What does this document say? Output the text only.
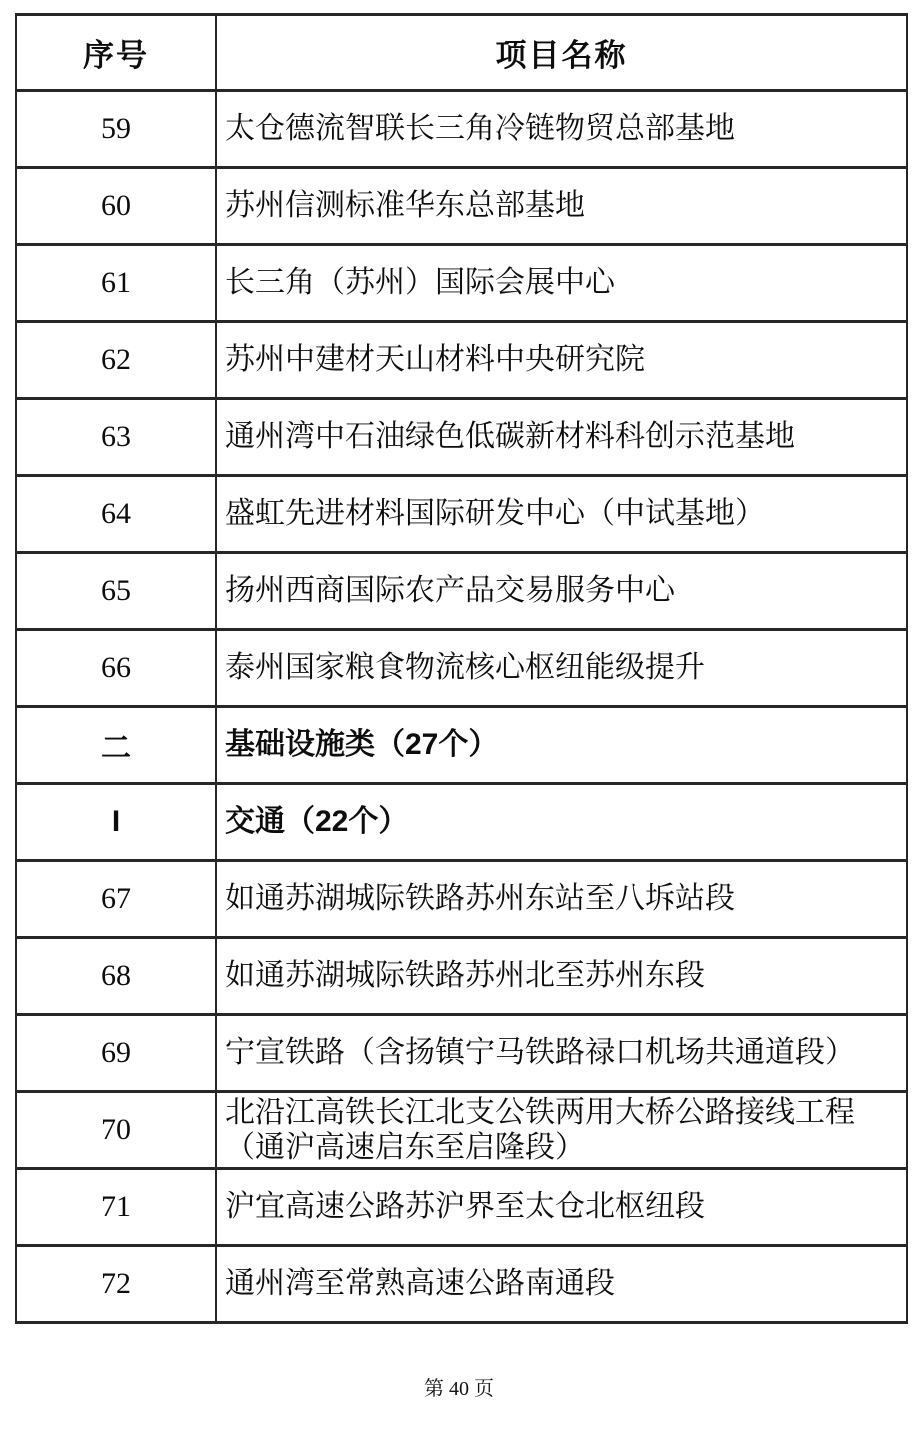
序号	项目名称
59	太仓德流智联长三角冷链物贸总部基地
60	苏州信测标准华东总部基地
61	长三角（苏州）国际会展中心
62	苏州中建材天山材料中央研究院
63	通州湾中石油绿色低碳新材料科创示范基地
64	盛虹先进材料国际研发中心（中试基地）
65	扬州西商国际农产品交易服务中心
66	泰州国家粮食物流核心枢纽能级提升
二	基础设施类（27个）
I	交通（22个）
67	如通苏湖城际铁路苏州东站至八坼站段
68	如通苏湖城际铁路苏州北至苏州东段
69	宁宣铁路（含扬镇宁马铁路禄口机场共通道段）
70	北沿江高铁长江北支公铁两用大桥公路接线工程（通沪高速启东至启隆段）
71	沪宜高速公路苏沪界至太仓北枢纽段
72	通州湾至常熟高速公路南通段
第 40 页
